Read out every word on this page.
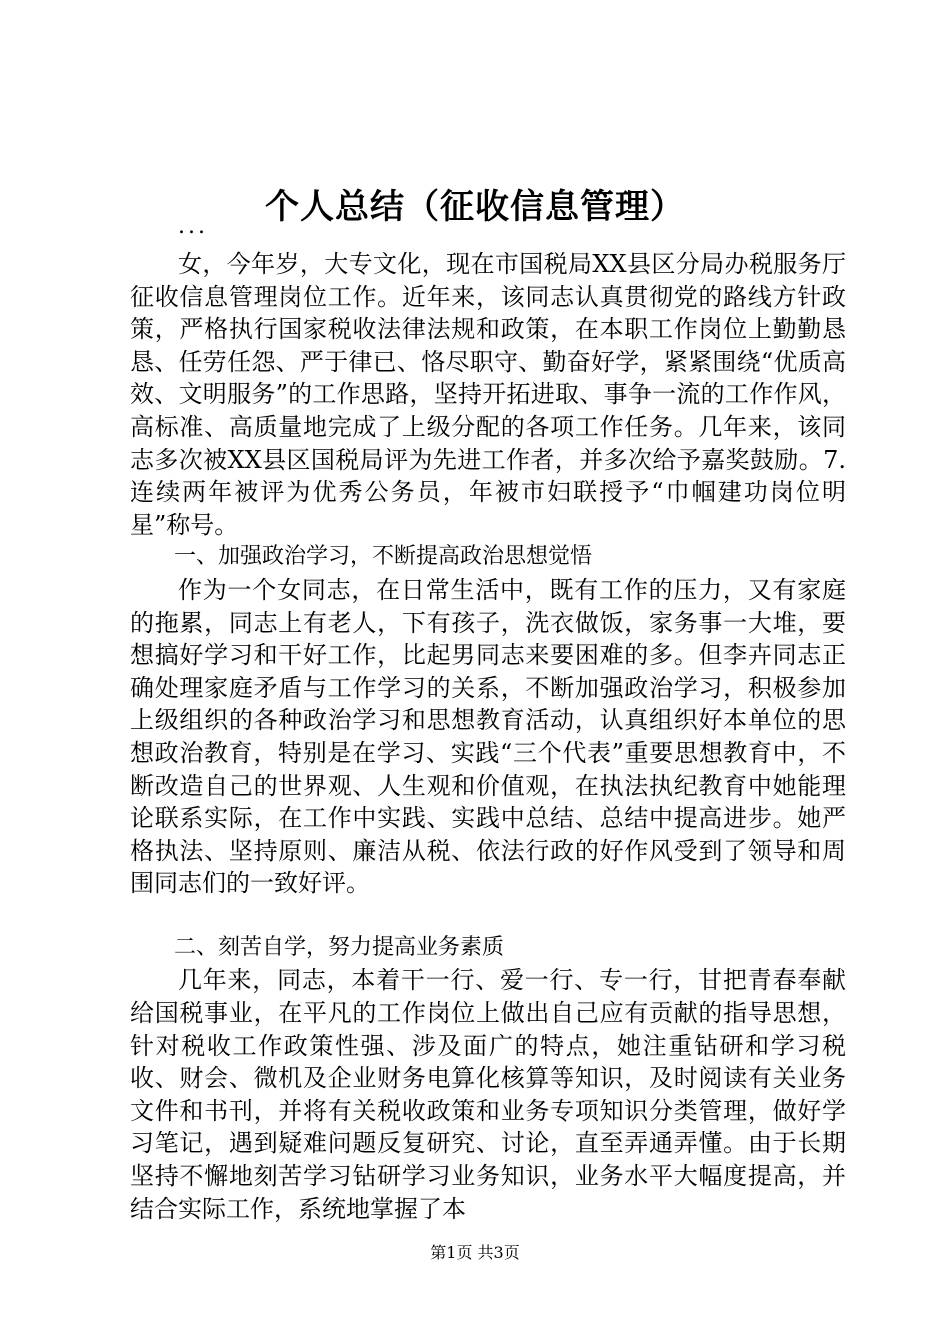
个人总结（征收信息管理）
...

女，今年岁，大专文化，现在市国税局XX县区分局办税服务厅征收信息管理岗位工作。近年来，该同志认真贯彻党的路线方针政策，严格执行国家税收法律法规和政策，在本职工作岗位上勤勤恳恳、任劳任怨、严于律已、恪尽职守、勤奋好学，紧紧围绕“优质高效、文明服务”的工作思路，坚持开拓进取、事争一流的工作作风，高标准、高质量地完成了上级分配的各项工作任务。几年来，该同志多次被XX县区国税局评为先进工作者，并多次给予嘉奖鼓励。7.连续两年被评为优秀公务员，年被市妇联授予“巾帼建功岗位明星”称号。

一、加强政治学习，不断提高政治思想觉悟

作为一个女同志，在日常生活中，既有工作的压力，又有家庭的拖累，同志上有老人，下有孩子，洗衣做饭，家务事一大堆，要想搞好学习和干好工作，比起男同志来要困难的多。但李卉同志正确处理家庭矛盾与工作学习的关系，不断加强政治学习，积极参加上级组织的各种政治学习和思想教育活动，认真组织好本单位的思想政治教育，特别是在学习、实践“三个代表”重要思想教育中，不断改造自己的世界观、人生观和价值观，在执法执纪教育中她能理论联系实际，在工作中实践、实践中总结、总结中提高进步。她严格执法、坚持原则、廉洁从税、依法行政的好作风受到了领导和周围同志们的一致好评。

二、刻苦自学，努力提高业务素质

几年来，同志，本着干一行、爱一行、专一行，甘把青春奉献给国税事业，在平凡的工作岗位上做出自己应有贡献的指导思想，针对税收工作政策性强、涉及面广的特点，她注重钻研和学习税收、财会、微机及企业财务电算化核算等知识，及时阅读有关业务文件和书刊，并将有关税收政策和业务专项知识分类管理，做好学习笔记，遇到疑难问题反复研究、讨论，直至弄通弄懂。由于长期坚持不懈地刻苦学习钻研学习业务知识，业务水平大幅度提高，并结合实际工作，系统地掌握了本

第1页 共3页
